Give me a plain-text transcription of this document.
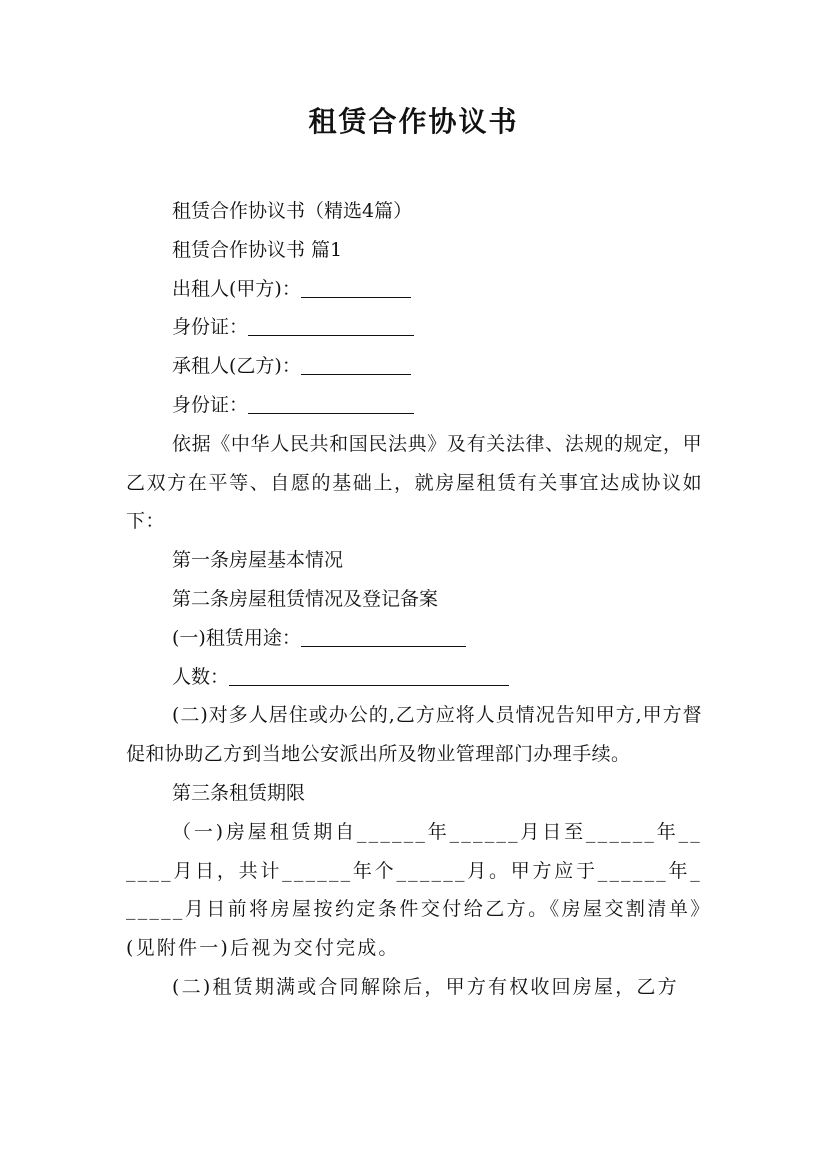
租赁合作协议书
租赁合作协议书（精选4篇）
租赁合作协议书 篇1
出租人(甲方)：
身份证：
承租人(乙方)：
身份证：
依据《中华人民共和国民法典》及有关法律、法规的规定，甲乙双方在平等、自愿的基础上，就房屋租赁有关事宜达成协议如下：
第一条房屋基本情况
第二条房屋租赁情况及登记备案
(一)租赁用途：
人数：
(二)对多人居住或办公的,乙方应将人员情况告知甲方,甲方督促和协助乙方到当地公安派出所及物业管理部门办理手续。
第三条租赁期限
（一)房屋租赁期自______年______月日至______年______月日，共计______年个______月。甲方应于______年______月日前将房屋按约定条件交付给乙方。《房屋交割清单》(见附件一)后视为交付完成。
(二)租赁期满或合同解除后，甲方有权收回房屋，乙方
